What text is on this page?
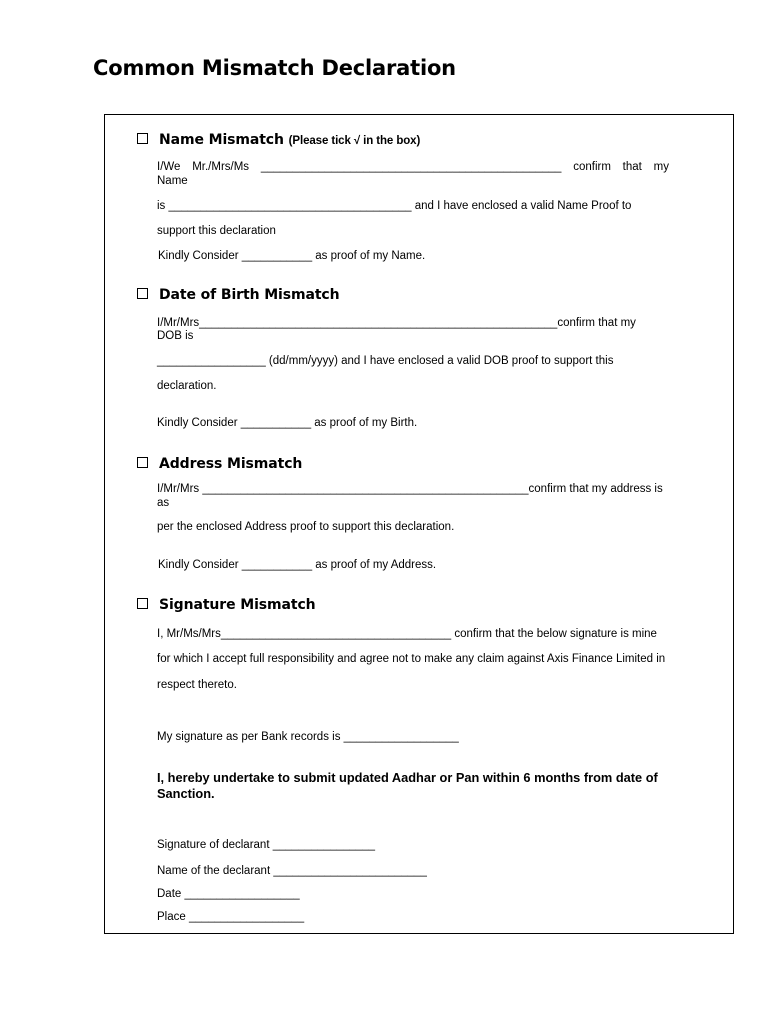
Common Mismatch Declaration
Name Mismatch (Please tick √ in the box)
I/We Mr./Mrs/Ms _______________________________________________ confirm that my
Name
is ______________________________________ and I have enclosed a valid Name Proof to
support this declaration
Kindly Consider ___________ as proof of my Name.
Date of Birth Mismatch
I/Mr/Mrs________________________________________________________confirm that my
DOB is
_________________ (dd/mm/yyyy) and I have enclosed a valid DOB proof to support this
declaration.
Kindly Consider ___________ as proof of my Birth.
Address Mismatch
I/Mr/Mrs ___________________________________________________confirm that my address is
as
per the enclosed Address proof to support this declaration.
Kindly Consider ___________ as proof of my Address.
Signature Mismatch
I, Mr/Ms/Mrs____________________________________ confirm that the below signature is mine
for which I accept full responsibility and agree not to make any claim against Axis Finance Limited in
respect thereto.
My signature as per Bank records is __________________
I, hereby undertake to submit updated Aadhar or Pan within 6 months from date of Sanction.
Signature of declarant ________________
Name of the declarant ________________________
Date __________________
Place __________________
